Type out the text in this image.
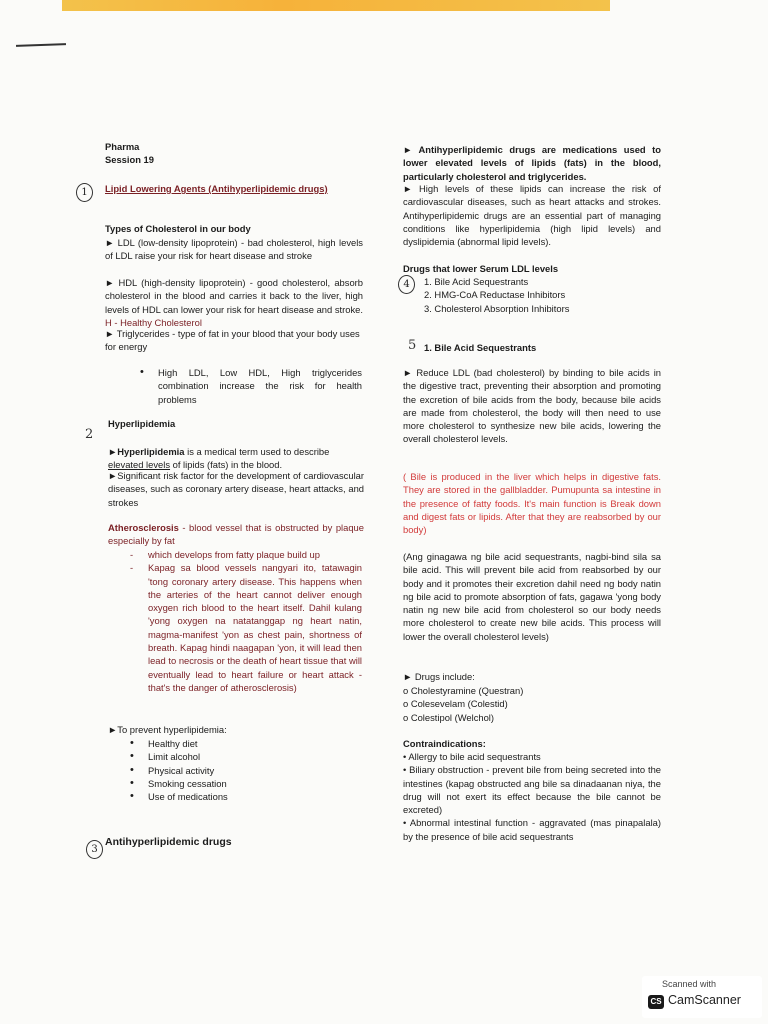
Pharma
Session 19
1	Lipid Lowering Agents (Antihyperlipidemic drugs)
Types of Cholesterol in our body
► LDL (low-density lipoprotein) - bad cholesterol, high levels of LDL raise your risk for heart disease and stroke
► HDL (high-density lipoprotein) - good cholesterol, absorb cholesterol in the blood and carries it back to the liver, high levels of HDL can lower your risk for heart disease and stroke. H - Healthy Cholesterol
► Triglycerides - type of fat in your blood that your body uses for energy
• High LDL, Low HDL, High triglycerides combination increase the risk for health problems
Hyperlipidemia
2
►Hyperlipidemia is a medical term used to describe elevated levels of lipids (fats) in the blood.
►Significant risk factor for the development of cardiovascular diseases, such as coronary artery disease, heart attacks, and strokes
Atherosclerosis - blood vessel that is obstructed by plaque especially by fat
- which develops from fatty plaque build up
- Kapag sa blood vessels nangyari ito, tatawagin 'tong coronary artery disease. This happens when the arteries of the heart cannot deliver enough oxygen rich blood to the heart itself. Dahil kulang 'yong oxygen na natatanggap ng heart natin, magma-manifest 'yon as chest pain, shortness of breath. Kapag hindi naagapan 'yon, it will lead then lead to necrosis or the death of heart tissue that will eventually lead to heart failure or heart attack - that's the danger of atherosclerosis)
►To prevent hyperlipidemia:
• Healthy diet
• Limit alcohol
• Physical activity
• Smoking cessation
• Use of medications
3
Antihyperlipidemic drugs
► Antihyperlipidemic drugs are medications used to lower elevated levels of lipids (fats) in the blood, particularly cholesterol and triglycerides.
► High levels of these lipids can increase the risk of cardiovascular diseases, such as heart attacks and strokes. Antihyperlipidemic drugs are an essential part of managing conditions like hyperlipidemia (high lipid levels) and dyslipidemia (abnormal lipid levels).
Drugs that lower Serum LDL levels
4	1. Bile Acid Sequestrants
2. HMG-CoA Reductase Inhibitors
3. Cholesterol Absorption Inhibitors
5 1. Bile Acid Sequestrants
► Reduce LDL (bad cholesterol) by binding to bile acids in the digestive tract, preventing their absorption and promoting the excretion of bile acids from the body, because bile acids are made from cholesterol, the body will then need to use more cholesterol to synthesize new bile acids, lowering the overall cholesterol levels.
( Bile is produced in the liver which helps in digestive fats. They are stored in the gallbladder. Pumupunta sa intestine in the presence of fatty foods. It's main function is Break down and digest fats or lipids. After that they are reabsorbed by our body)
(Ang ginagawa ng bile acid sequestrants, nagbi-bind sila sa bile acid. This will prevent bile acid from reabsorbed by our body and it promotes their excretion dahil need ng body natin ng bile acid to promote absorption of fats, gagawa 'yong body natin ng new bile acid from cholesterol so our body needs more cholesterol to create new bile acids. This process will lower the overall cholesterol levels)
► Drugs include:
o Cholestyramine (Questran)
o Colesevelam (Colestid)
o Colestipol (Welchol)
Contraindications:
• Allergy to bile acid sequestrants
• Biliary obstruction - prevent bile from being secreted into the intestines (kapag obstructed ang bile sa dinadaanan niya, the drug will not exert its effect because the bile cannot be excreted)
• Abnormal intestinal function - aggravated (mas pinapalala) by the presence of bile acid sequestrants
Scanned with
CS CamScanner
